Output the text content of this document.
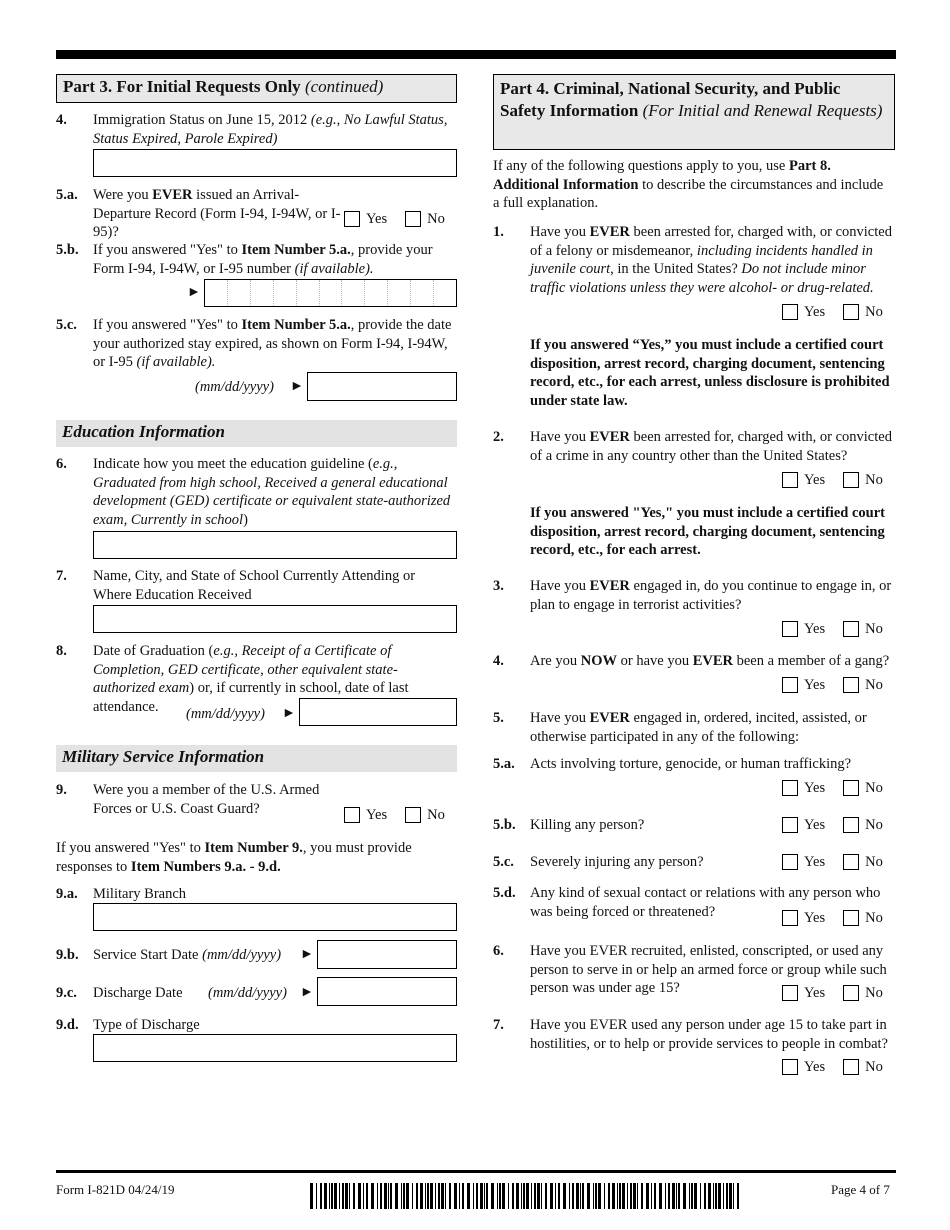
Part 3. For Initial Requests Only (continued)
4. Immigration Status on June 15, 2012 (e.g., No Lawful Status, Status Expired, Parole Expired)
5.a. Were you EVER issued an Arrival-Departure Record (Form I-94, I-94W, or I-95)?
Yes	No
5.b. If you answered "Yes" to Item Number 5.a., provide your Form I-94, I-94W, or I-95 number (if available).
►
5.c. If you answered "Yes" to Item Number 5.a., provide the date your authorized stay expired, as shown on Form I-94, I-94W, or I-95 (if available).
(mm/dd/yyyy) ►
Education Information
6. Indicate how you meet the education guideline (e.g., Graduated from high school, Received a general educational development (GED) certificate or equivalent state-authorized exam, Currently in school)
7. Name, City, and State of School Currently Attending or Where Education Received
8. Date of Graduation (e.g., Receipt of a Certificate of Completion, GED certificate, other equivalent state-authorized exam) or, if currently in school, date of last attendance.	(mm/dd/yyyy) ►
Military Service Information
9. Were you a member of the U.S. Armed Forces or U.S. Coast Guard?	Yes	No
If you answered "Yes" to Item Number 9., you must provide responses to Item Numbers 9.a. - 9.d.
9.a. Military Branch
9.b. Service Start Date (mm/dd/yyyy) ►
9.c. Discharge Date (mm/dd/yyyy) ►
9.d. Type of Discharge
Part 4. Criminal, National Security, and Public Safety Information (For Initial and Renewal Requests)
If any of the following questions apply to you, use Part 8. Additional Information to describe the circumstances and include a full explanation.
1. Have you EVER been arrested for, charged with, or convicted of a felony or misdemeanor, including incidents handled in juvenile court, in the United States? Do not include minor traffic violations unless they were alcohol- or drug-related.
Yes	No
If you answered “Yes,” you must include a certified court disposition, arrest record, charging document, sentencing record, etc., for each arrest, unless disclosure is prohibited under state law.
2. Have you EVER been arrested for, charged with, or convicted of a crime in any country other than the United States?
Yes	No
If you answered "Yes," you must include a certified court disposition, arrest record, charging document, sentencing record, etc., for each arrest.
3. Have you EVER engaged in, do you continue to engage in, or plan to engage in terrorist activities?
Yes	No
4. Are you NOW or have you EVER been a member of a gang?
Yes	No
5. Have you EVER engaged in, ordered, incited, assisted, or otherwise participated in any of the following:
5.a. Acts involving torture, genocide, or human trafficking?
Yes	No
5.b. Killing any person?	Yes	No
5.c. Severely injuring any person?	Yes	No
5.d. Any kind of sexual contact or relations with any person who was being forced or threatened?	Yes	No
6. Have you EVER recruited, enlisted, conscripted, or used any person to serve in or help an armed force or group while such person was under age 15?	Yes	No
7. Have you EVER used any person under age 15 to take part in hostilities, or to help or provide services to people in combat?
Yes	No
Form I-821D 04/24/19	Page 4 of 7
